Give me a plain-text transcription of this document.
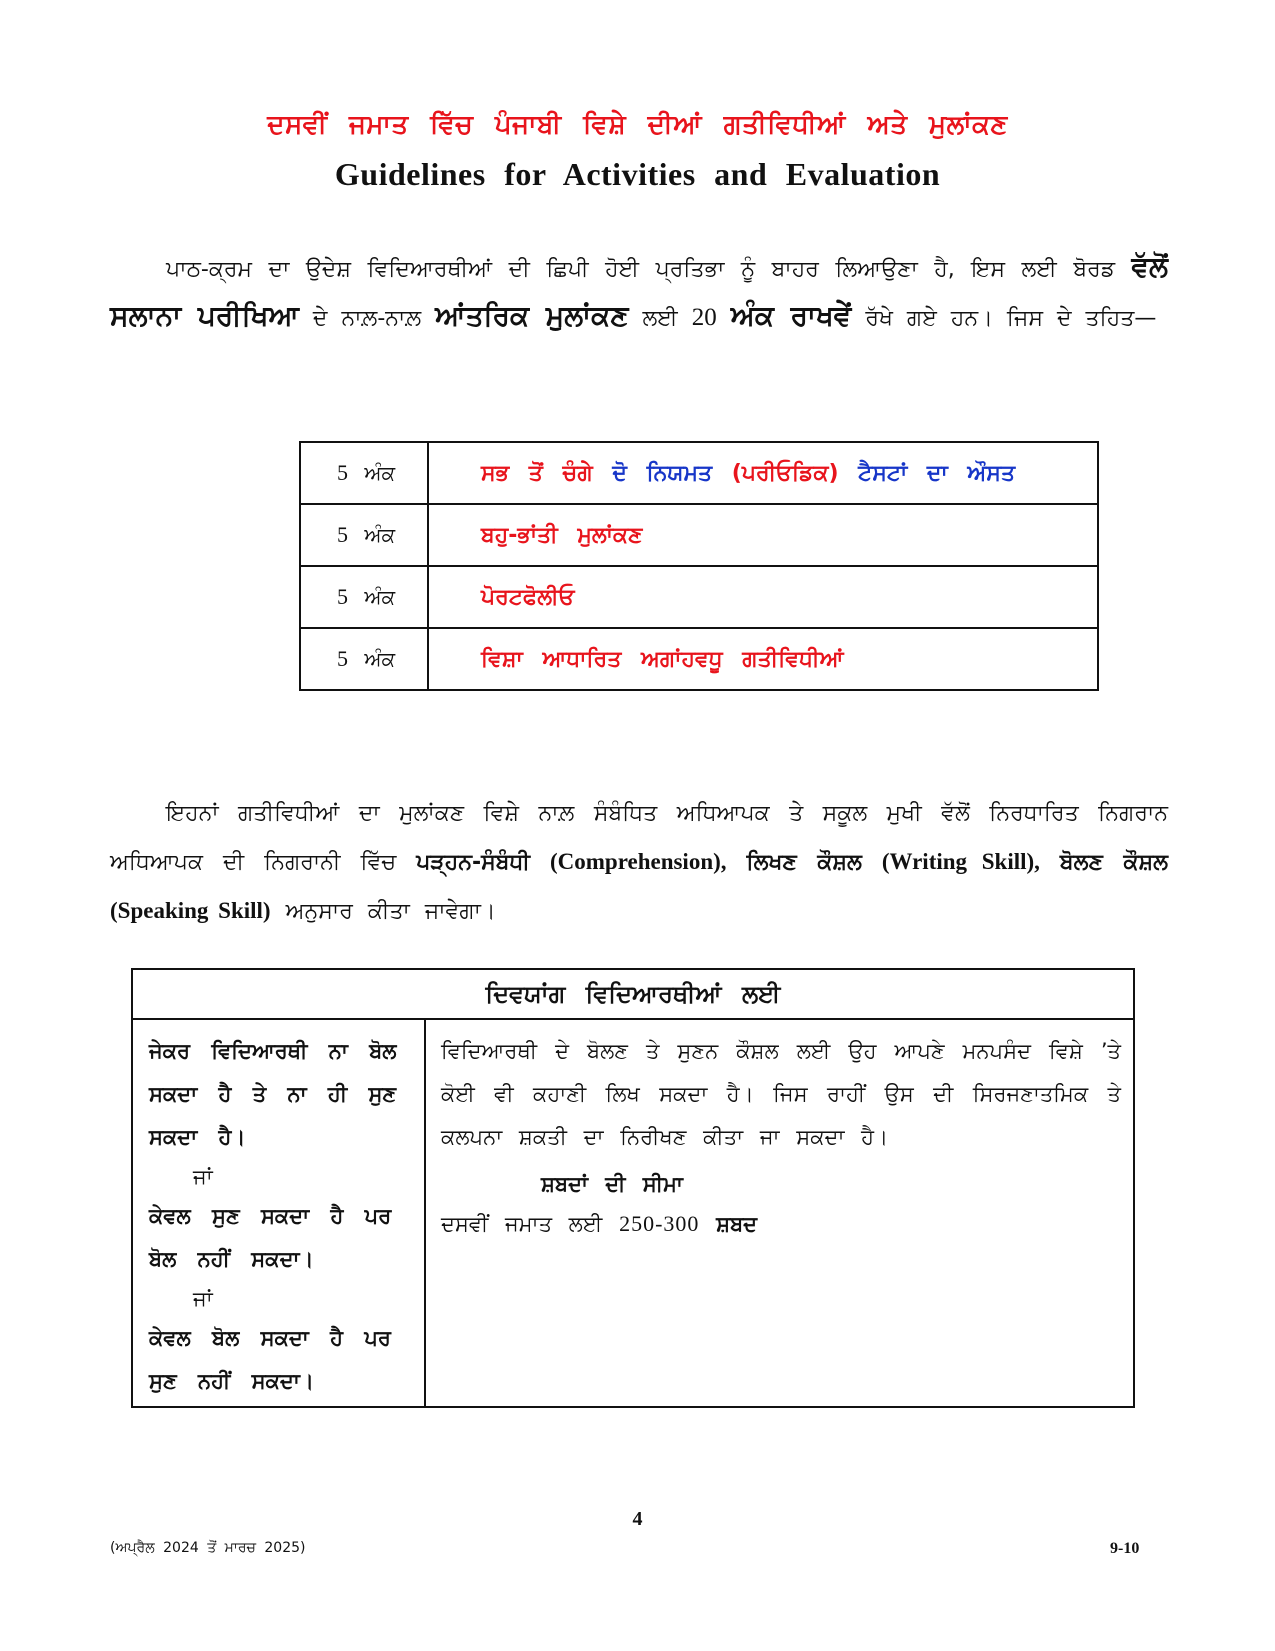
ਦਸਵੀਂ ਜਮਾਤ ਵਿੱਚ ਪੰਜਾਬੀ ਵਿਸ਼ੇ ਦੀਆਂ ਗਤੀਵਿਧੀਆਂ ਅਤੇ ਮੁਲਾਂਕਣ
Guidelines for Activities and Evaluation
ਪਾਠ-ਕ੍ਰਮ ਦਾ ਉਦੇਸ਼ ਵਿਦਿਆਰਥੀਆਂ ਦੀ ਛਿਪੀ ਹੋਈ ਪ੍ਰਤਿਭਾ ਨੂੰ ਬਾਹਰ ਲਿਆਉਣਾ ਹੈ, ਇਸ ਲਈ ਬੋਰਡ ਵੱਲੋਂ ਸਲਾਨਾ ਪਰੀਖਿਆ ਦੇ ਨਾਲ਼-ਨਾਲ਼ ਆਂਤਰਿਕ ਮੁਲਾਂਕਣ ਲਈ 20 ਅੰਕ ਰਾਖਵੇਂ ਰੱਖੇ ਗਏ ਹਨ। ਜਿਸ ਦੇ ਤਹਿਤ—
5 ਅੰਕ	ਸਭ ਤੋਂ ਚੰਗੇ ਦੋ ਨਿਯਮਤ (ਪਰੀਓਡਿਕ) ਟੈਸਟਾਂ ਦਾ ਔਸਤ
5 ਅੰਕ	ਬਹੁ-ਭਾਂਤੀ ਮੁਲਾਂਕਣ
5 ਅੰਕ	ਪੋਰਟਫੋਲੀਓ
5 ਅੰਕ	ਵਿਸ਼ਾ ਆਧਾਰਿਤ ਅਗਾਂਹਵਧੂ ਗਤੀਵਿਧੀਆਂ
ਇਹਨਾਂ ਗਤੀਵਿਧੀਆਂ ਦਾ ਮੁਲਾਂਕਣ ਵਿਸ਼ੇ ਨਾਲ਼ ਸੰਬੰਧਿਤ ਅਧਿਆਪਕ ਤੇ ਸਕੂਲ ਮੁਖੀ ਵੱਲੋਂ ਨਿਰਧਾਰਿਤ ਨਿਗਰਾਨ ਅਧਿਆਪਕ ਦੀ ਨਿਗਰਾਨੀ ਵਿੱਚ ਪੜ੍ਹਨ-ਸੰਬੰਧੀ (Comprehension), ਲਿਖਣ ਕੌਸ਼ਲ (Writing Skill), ਬੋਲਣ ਕੌਸ਼ਲ (Speaking Skill) ਅਨੁਸਾਰ ਕੀਤਾ ਜਾਵੇਗਾ।
ਦਿਵਯਾਂਗ ਵਿਦਿਆਰਥੀਆਂ ਲਈ
ਜੇਕਰ ਵਿਦਿਆਰਥੀ ਨਾ ਬੋਲ ਸਕਦਾ ਹੈ ਤੇ ਨਾ ਹੀ ਸੁਣ ਸਕਦਾ ਹੈ।
ਜਾਂ
ਕੇਵਲ ਸੁਣ ਸਕਦਾ ਹੈ ਪਰ ਬੋਲ ਨਹੀਂ ਸਕਦਾ।
ਜਾਂ
ਕੇਵਲ ਬੋਲ ਸਕਦਾ ਹੈ ਪਰ ਸੁਣ ਨਹੀਂ ਸਕਦਾ।
ਵਿਦਿਆਰਥੀ ਦੇ ਬੋਲਣ ਤੇ ਸੁਣਨ ਕੌਸ਼ਲ ਲਈ ਉਹ ਆਪਣੇ ਮਨਪਸੰਦ ਵਿਸ਼ੇ ’ਤੇ ਕੋਈ ਵੀ ਕਹਾਣੀ ਲਿਖ ਸਕਦਾ ਹੈ। ਜਿਸ ਰਾਹੀਂ ਉਸ ਦੀ ਸਿਰਜਣਾਤਮਿਕ ਤੇ ਕਲਪਨਾ ਸ਼ਕਤੀ ਦਾ ਨਿਰੀਖਣ ਕੀਤਾ ਜਾ ਸਕਦਾ ਹੈ।
ਸ਼ਬਦਾਂ ਦੀ ਸੀਮਾ
ਦਸਵੀਂ ਜਮਾਤ ਲਈ 250-300 ਸ਼ਬਦ
4
(ਅਪ੍ਰੈਲ 2024 ਤੋਂ ਮਾਰਚ 2025)	9-10
